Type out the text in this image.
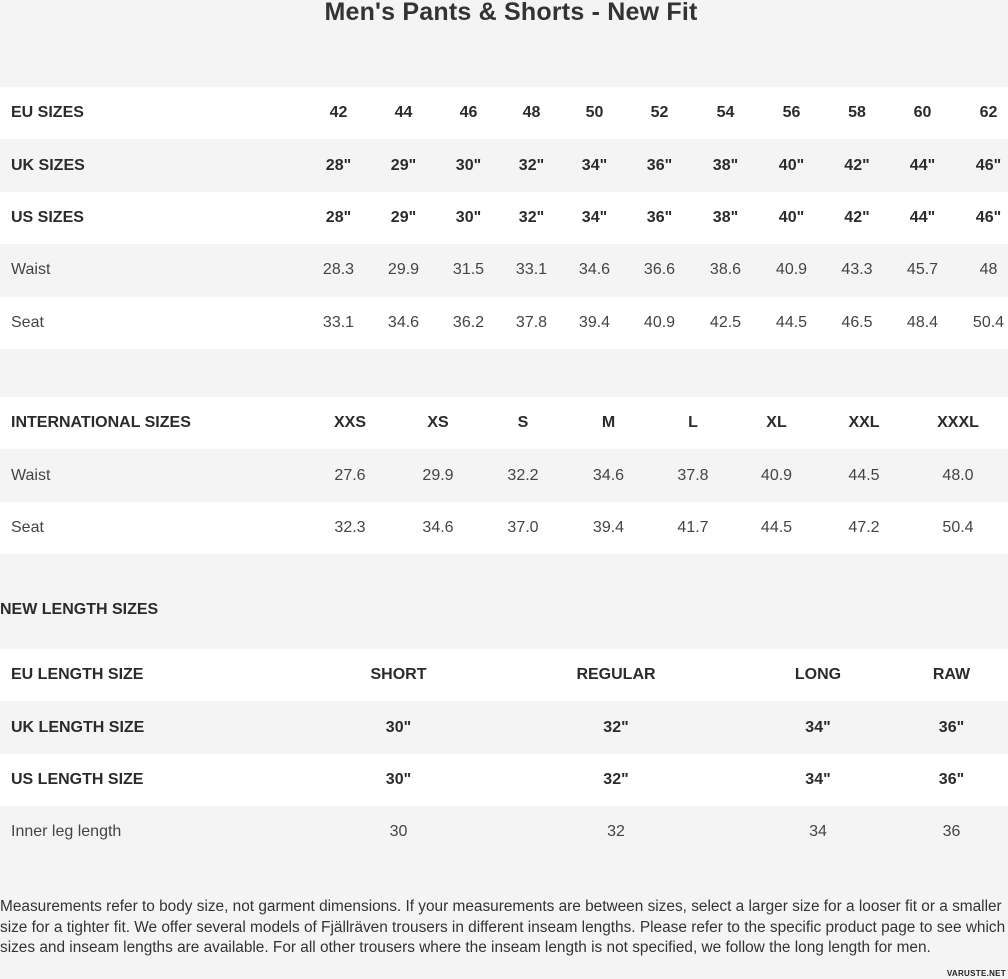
Men's Pants & Shorts - New Fit
EU SIZES	42	44	46	48	50	52	54	56	58	60	62
UK SIZES	28"	29"	30"	32"	34"	36"	38"	40"	42"	44"	46"
US SIZES	28"	29"	30"	32"	34"	36"	38"	40"	42"	44"	46"
Waist	28.3	29.9	31.5	33.1	34.6	36.6	38.6	40.9	43.3	45.7	48
Seat	33.1	34.6	36.2	37.8	39.4	40.9	42.5	44.5	46.5	48.4	50.4
INTERNATIONAL SIZES	XXS	XS	S	M	L	XL	XXL	XXXL
Waist	27.6	29.9	32.2	34.6	37.8	40.9	44.5	48.0
Seat	32.3	34.6	37.0	39.4	41.7	44.5	47.2	50.4
NEW LENGTH SIZES
EU LENGTH SIZE	SHORT	REGULAR	LONG	RAW
UK LENGTH SIZE	30"	32"	34"	36"
US LENGTH SIZE	30"	32"	34"	36"
Inner leg length	30	32	34	36

Measurements refer to body size, not garment dimensions. If your measurements are between sizes, select a larger size for a looser fit or a smaller size for a tighter fit. We offer several models of Fjällräven trousers in different inseam lengths. Please refer to the specific product page to see which sizes and inseam lengths are available. For all other trousers where the inseam length is not specified, we follow the long length for men.

VARUSTE.NET
